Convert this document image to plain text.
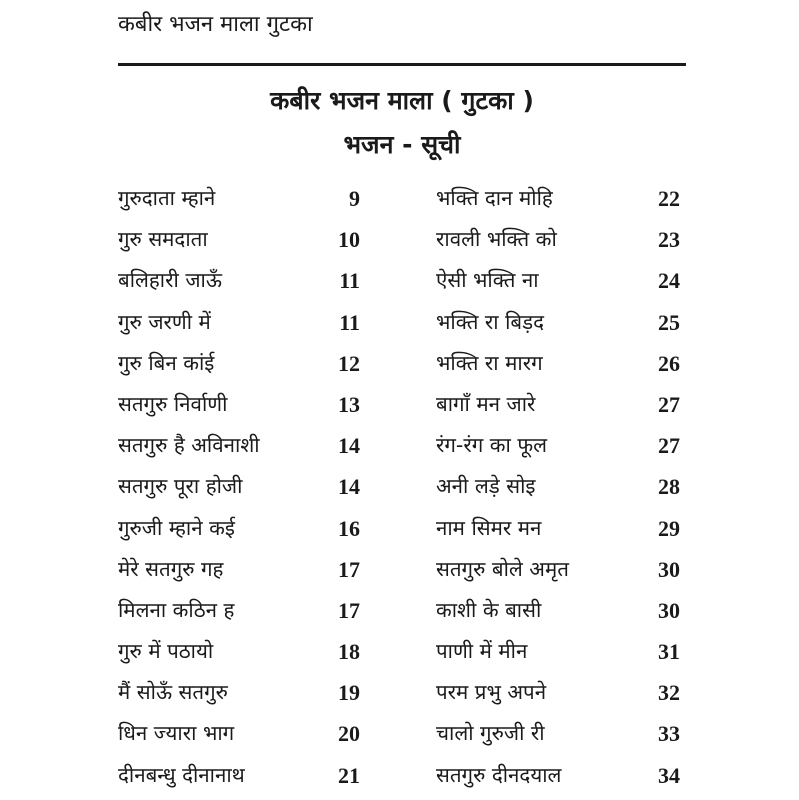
कबीर भजन माला गुटका
कबीर भजन माला ( गुटका )
भजन - सूची
गुरुदाता म्हाने	9
गुरु समदाता	10
बलिहारी जाऊँ	11
गुरु जरणी में	11
गुरु बिन कांई	12
सतगुरु निर्वाणी	13
सतगुरु है अविनाशी	14
सतगुरु पूरा होजी	14
गुरुजी म्हाने कई	16
मेरे सतगुरु गह	17
मिलना कठिन ह	17
गुरु में पठायो	18
मैं सोऊँ सतगुरु	19
धिन ज्यारा भाग	20
दीनबन्धु दीनानाथ	21
भक्ति दान मोहि	22
रावली भक्ति को	23
ऐसी भक्ति ना	24
भक्ति रा बिड़द	25
भक्ति रा मारग	26
बागाँ मन जारे	27
रंग-रंग का फूल	27
अनी लड़े सोइ	28
नाम सिमर मन	29
सतगुरु बोले अमृत	30
काशी के बासी	30
पाणी में मीन	31
परम प्रभु अपने	32
चालो गुरुजी री	33
सतगुरु दीनदयाल	34
